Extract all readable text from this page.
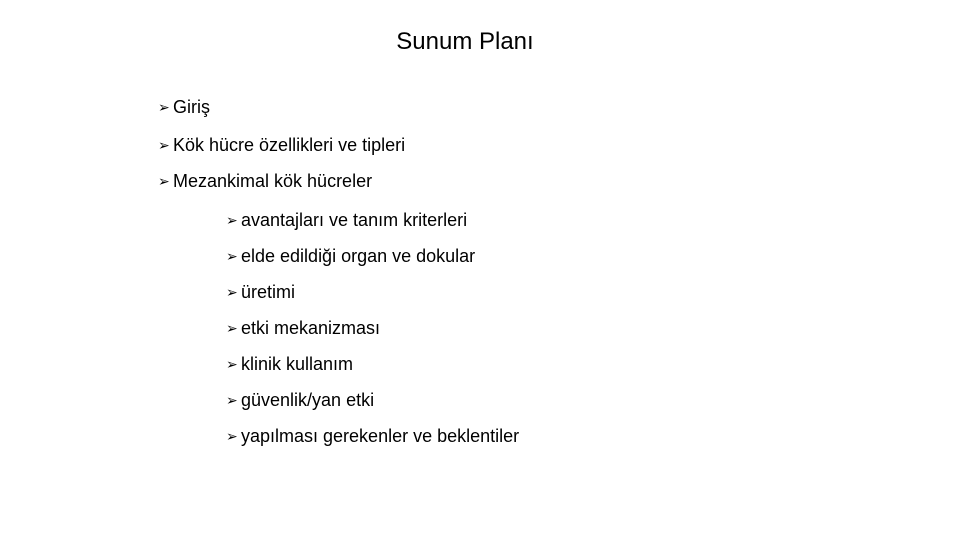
Sunum Planı
➢ Giriş
➢ Kök hücre özellikleri ve tipleri
➢ Mezankimal kök hücreler
➢ avantajları ve tanım kriterleri
➢ elde edildiği organ ve dokular
➢ üretimi
➢ etki mekanizması
➢ klinik kullanım
➢ güvenlik/yan etki
➢ yapılması gerekenler ve beklentiler
